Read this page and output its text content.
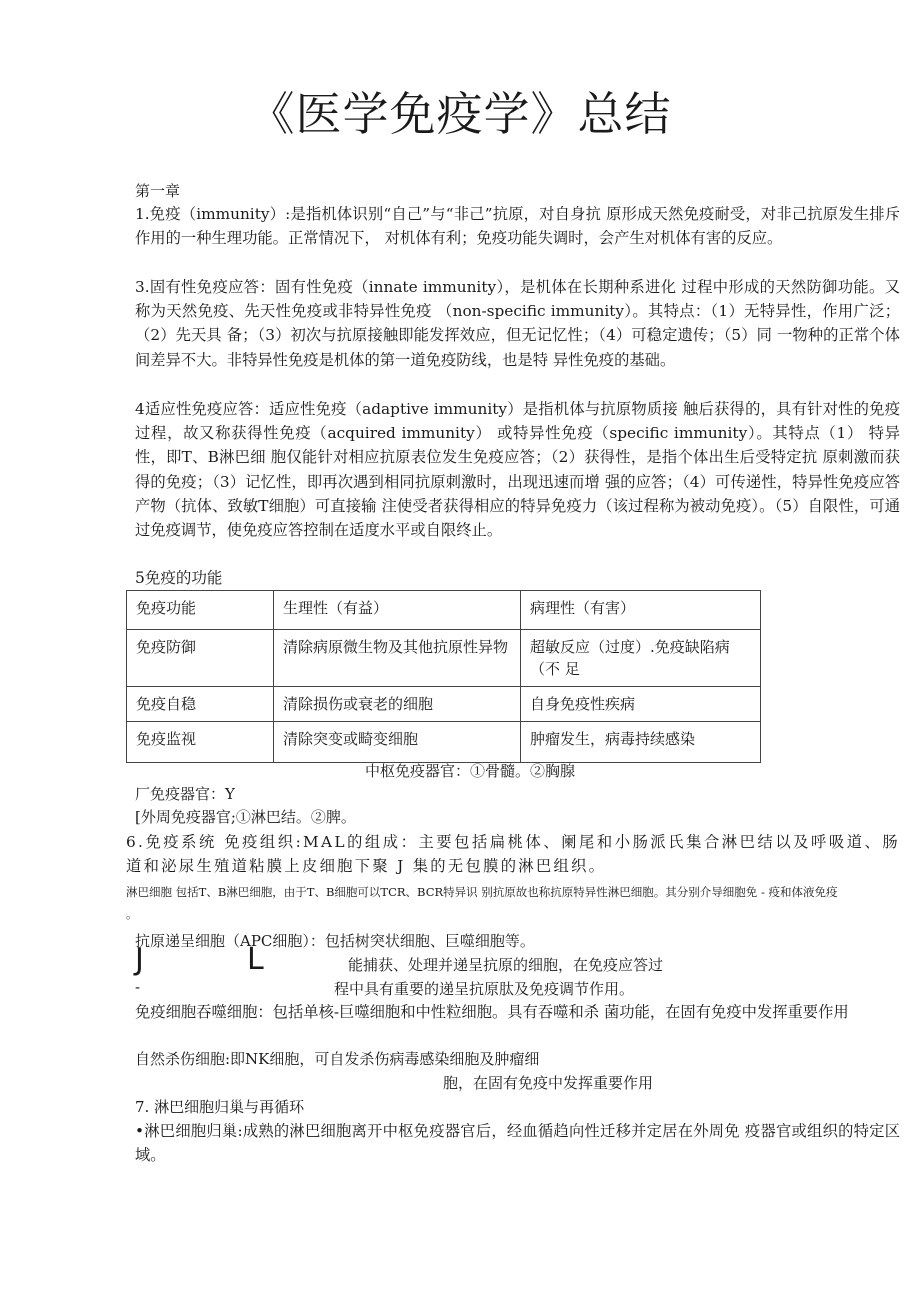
《医学免疫学》总结
第一章
1.免疫（immunity）:是指机体识别“自己”与“非己”抗原，对自身抗 原形成天然免疫耐受，对非己抗原发生排斥作用的一种生理功能。正常情况下， 对机体有利；免疫功能失调时，会产生对机体有害的反应。
3.固有性免疫应答：固有性免疫（innate immunity），是机体在长期种系进化 过程中形成的天然防御功能。又称为天然免疫、先天性免疫或非特异性免疫 （non-specific immunity）。其特点：（1）无特异性，作用广泛；（2）先天具 备；（3）初次与抗原接触即能发挥效应，但无记忆性；（4）可稳定遗传；（5）同 一物种的正常个体间差异不大。非特异性免疫是机体的第一道免疫防线，也是特 异性免疫的基础。
4适应性免疫应答：适应性免疫（adaptive immunity）是指机体与抗原物质接 触后获得的，具有针对性的免疫过程，故又称获得性免疫（acquired immunity） 或特异性免疫（specific immunity）。其特点（1） 特异性，即T、B淋巴细 胞仅能针对相应抗原表位发生免疫应答；（2）获得性，是指个体出生后受特定抗 原刺激而获得的免疫；（3）记忆性，即再次遇到相同抗原刺激时，出现迅速而增 强的应答；（4）可传递性，特异性免疫应答产物（抗体、致敏T细胞）可直接输 注使受者获得相应的特异免疫力（该过程称为被动免疫）。（5）自限性，可通过免疫调节，使免疫应答控制在适度水平或自限终止。
5免疫的功能
免疫功能	生理性（有益）	病理性（有害）
免疫防御	清除病原微生物及其他抗原性异物	超敏反应（过度）.免疫缺陷病（不 足
免疫自稳	清除损伤或衰老的细胞	自身免疫性疾病
免疫监视	清除突变或畸变细胞	肿瘤发生，病毒持续感染
中枢免疫器官：①骨髓。②胸腺
厂免疫器官：Y
[外周免疫器官;①淋巴结。②脾。
6.免疫系统 免疫组织:MAL的组成：主要包括扁桃体、阑尾和小肠派氏集合淋巴结以及呼吸道、肠道和泌尿生殖道粘膜上皮细胞下聚 J 集的无包膜的淋巴组织。
淋巴细胞 包括T、B淋巴细胞，由于T、B细胞可以TCR、BCR特异识 别抗原故也称抗原特异性淋巴细胞。其分别介导细胞免 - 疫和体液免疫
。
抗原递呈细胞（APC细胞）：包括树突状细胞、巨噬细胞等。
J	L	能捕获、处理并递呈抗原的细胞，在免疫应答过
-	程中具有重要的递呈抗原肽及免疫调节作用。
免疫细胞吞噬细胞：包括单核-巨噬细胞和中性粒细胞。具有吞噬和杀 菌功能，在固有免疫中发挥重要作用
自然杀伤细胞:即NK细胞，可自发杀伤病毒感染细胞及肿瘤细
胞，在固有免疫中发挥重要作用
7. 淋巴细胞归巢与再循环
•淋巴细胞归巢:成熟的淋巴细胞离开中枢免疫器官后，经血循趋向性迁移并定居在外周免 疫器官或组织的特定区域。
